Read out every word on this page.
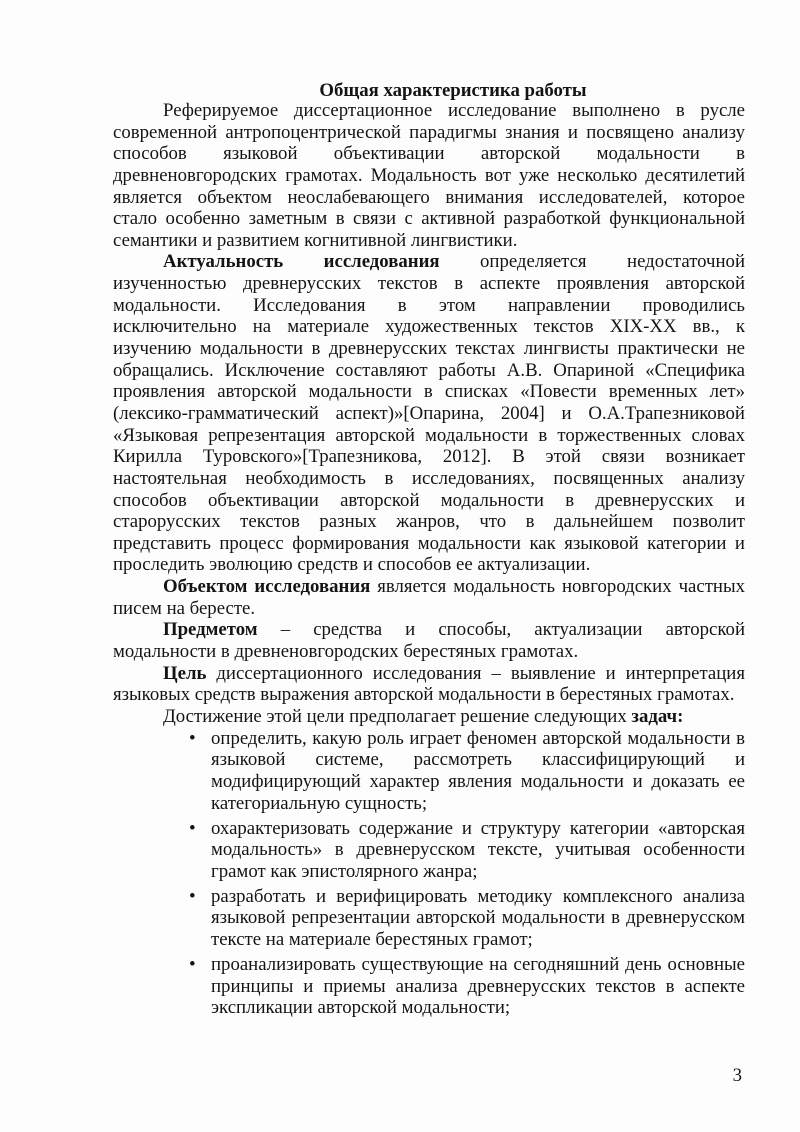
Общая характеристика работы
Реферируемое диссертационное исследование выполнено в русле
современной антропоцентрической парадигмы знания и посвящено анализу
способов языковой объективации авторской модальности в
древненовгородских грамотах. Модальность вот уже несколько десятилетий
является объектом неослабевающего внимания исследователей, которое
стало особенно заметным в связи с активной разработкой функциональной
семантики и развитием когнитивной лингвистики.
Актуальность исследования определяется недостаточной
изученностью древнерусских текстов в аспекте проявления авторской
модальности. Исследования в этом направлении проводились
исключительно на материале художественных текстов XIX-XX вв., к
изучению модальности в древнерусских текстах лингвисты практически не
обращались. Исключение составляют работы А.В. Опариной «Специфика
проявления авторской модальности в списках «Повести временных лет»
(лексико-грамматический аспект)»[Опарина, 2004] и О.А.Трапезниковой
«Языковая репрезентация авторской модальности в торжественных словах
Кирилла Туровского»[Трапезникова, 2012]. В этой связи возникает
настоятельная необходимость в исследованиях, посвященных анализу
способов объективации авторской модальности в древнерусских и
старорусских текстов разных жанров, что в дальнейшем позволит
представить процесс формирования модальности как языковой категории и
проследить эволюцию средств и способов ее актуализации.
Объектом исследования является модальность новгородских частных
писем на бересте.
Предметом – средства и способы, актуализации авторской
модальности в древненовгородских берестяных грамотах.
Цель диссертационного исследования – выявление и интерпретация
языковых средств выражения авторской модальности в берестяных грамотах.
Достижение этой цели предполагает решение следующих задач:
• определить, какую роль играет феномен авторской модальности в
языковой системе, рассмотреть классифицирующий и
модифицирующий характер явления модальности и доказать ее
категориальную сущность;
• охарактеризовать содержание и структуру категории «авторская
модальность» в древнерусском тексте, учитывая особенности
грамот как эпистолярного жанра;
• разработать и верифицировать методику комплексного анализа
языковой репрезентации авторской модальности в древнерусском
тексте на материале берестяных грамот;
• проанализировать существующие на сегодняшний день основные
принципы и приемы анализа древнерусских текстов в аспекте
экспликации авторской модальности;
3
